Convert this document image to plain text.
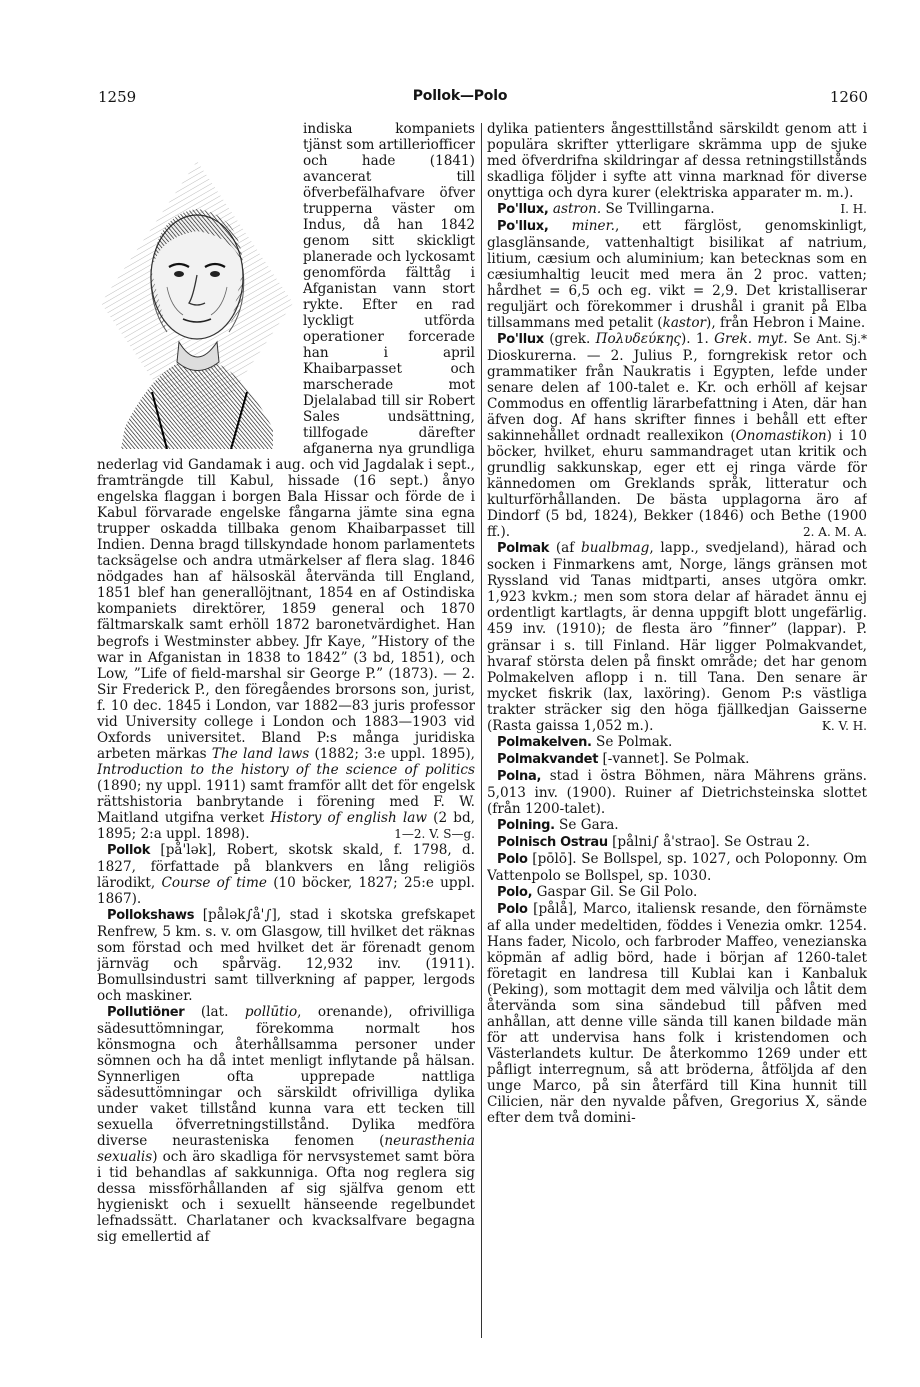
1259	Pollok—Polo	1260

indiska kompaniets tjänst som artilleriofficer och hade (1841) avancerat till öfverbefälhafvare öfver trupperna väster om Indus, då han 1842 genom sitt skickligt planerade och lyckosamt genomförda fälttåg i Afganistan vann stort rykte. Efter en rad lyckligt utförda operationer forcerade han i april Khaibarpasset och marscherade mot Djelalabad till sir Robert Sales undsättning, tillfogade därefter afganerna nya grundliga nederlag vid Gandamak i aug. och vid Jagdalak i sept., framträngde till Kabul, hissade (16 sept.) ånyo engelska flaggan i borgen Bala Hissar och förde de i Kabul förvarade engelske fångarna jämte sina egna trupper oskadda tillbaka genom Khaibarpasset till Indien. Denna bragd tillskyndade honom parlamentets tacksägelse och andra utmärkelser af flera slag. 1846 nödgades han af hälsoskäl återvända till England, 1851 blef han generallöjtnant, 1854 en af Ostindiska kompaniets direktörer, 1859 general och 1870 fältmarskalk samt erhöll 1872 baronetvärdighet. Han begrofs i Westminster abbey. Jfr Kaye, ”History of the war in Afganistan in 1838 to 1842” (3 bd, 1851), och Low, ”Life of field-marshal sir George P.” (1873). — 2. Sir Frederick P., den föregåendes brorsons son, jurist, f. 10 dec. 1845 i London, var 1882—83 juris professor vid University college i London och 1883—1903 vid Oxfords universitet. Bland P:s många juridiska arbeten märkas The land laws (1882; 3:e uppl. 1895), Introduction to the history of the science of politics (1890; ny uppl. 1911) samt framför allt det för engelsk rättshistoria banbrytande i förening med F. W. Maitland utgifna verket History of english law (2 bd, 1895; 2:a uppl. 1898).	1—2. V. S—g.

Pollok [på'lək], Robert, skotsk skald, f. 1798, d. 1827, författade på blankvers en lång religiös lärodikt, Course of time (10 böcker, 1827; 25:e uppl. 1867).

Pollokshaws [pålək∫å'∫], stad i skotska grefskapet Renfrew, 5 km. s. v. om Glasgow, till hvilket det räknas som förstad och med hvilket det är förenadt genom järnväg och spårväg. 12,932 inv. (1911). Bomullsindustri samt tillverkning af papper, lergods och maskiner.

Pollutiöner (lat. pollūtio, orenande), ofrivilliga sädesuttömningar, förekomma normalt hos könsmogna och återhållsamma personer under sömnen och ha då intet menligt inflytande på hälsan. Synnerligen ofta upprepade nattliga sädesuttömningar och särskildt ofrivilliga dylika under vaket tillstånd kunna vara ett tecken till sexuella öfverretningstillstånd. Dylika medföra diverse neurasteniska fenomen (neurasthenia sexualis) och äro skadliga för nervsystemet samt böra i tid behandlas af sakkunniga. Ofta nog reglera sig dessa missförhållanden af sig själfva genom ett hygieniskt och i sexuellt hänseende regelbundet lefnadssätt. Charlataner och kvacksalfvare begagna sig emellertid af

dylika patienters ångesttillstånd särskildt genom att i populära skrifter ytterligare skrämma upp de sjuke med öfverdrifna skildringar af dessa retningstillstånds skadliga följder i syfte att vinna marknad för diverse onyttiga och dyra kurer (elektriska apparater m. m.).
I. H.

Po'llux, astron. Se Tvillingarna.

Po'llux, miner., ett färglöst, genomskinligt, glasglänsande, vattenhaltigt bisilikat af natrium, litium, cæsium och aluminium; kan betecknas som en cæsiumhaltig leucit med mera än 2 proc. vatten; hårdhet = 6,5 och eg. vikt = 2,9. Det kristalliserar reguljärt och förekommer i drushål i granit på Elba tillsammans med petalit (kastor), från Hebron i Maine.
Ant. Sj.*

Po'llux (grek. Πολυδεύκης). 1. Grek. myt. Se Dioskurerna. — 2. Julius P., forngrekisk retor och grammatiker från Naukratis i Egypten, lefde under senare delen af 100-talet e. Kr. och erhöll af kejsar Commodus en offentlig lärarbefattning i Aten, där han äfven dog. Af hans skrifter finnes i behåll ett efter sakinnehållet ordnadt reallexikon (Onomastikon) i 10 böcker, hvilket, ehuru sammandraget utan kritik och grundlig sakkunskap, eger ett ej ringa värde för kännedomen om Greklands språk, litteratur och kulturförhållanden. De bästa upplagorna äro af Dindorf (5 bd, 1824), Bekker (1846) och Bethe (1900 ff.).	2. A. M. A.

Polmak (af bualbmag, lapp., svedjeland), härad och socken i Finmarkens amt, Norge, längs gränsen mot Ryssland vid Tanas midtparti, anses utgöra omkr. 1,923 kvkm.; men som stora delar af häradet ännu ej ordentligt kartlagts, är denna uppgift blott ungefärlig. 459 inv. (1910); de flesta äro ”finner” (lappar). P. gränsar i s. till Finland. Här ligger Polmakvandet, hvaraf största delen på finskt område; det har genom Polmakelven aflopp i n. till Tana. Den senare är mycket fiskrik (lax, laxöring). Genom P:s västliga trakter sträcker sig den höga fjällkedjan Gaisserne (Rasta gaissa 1,052 m.).	K. V. H.

Polmakelven. Se Polmak.

Polmakvandet [-vannet]. Se Polmak.

Polna, stad i östra Böhmen, nära Mährens gräns. 5,013 inv. (1900). Ruiner af Dietrichsteinska slottet (från 1200-talet).

Polning. Se Gara.

Polnisch Ostrau [pålni∫ å'strao]. Se Ostrau 2.

Polo [pōlō]. Se Bollspel, sp. 1027, och Poloponny. Om Vattenpolo se Bollspel, sp. 1030.

Polo, Gaspar Gil. Se Gil Polo.

Polo [pålå], Marco, italiensk resande, den förnämste af alla under medeltiden, föddes i Venezia omkr. 1254. Hans fader, Nicolo, och farbroder Maffeo, venezianska köpmän af adlig börd, hade i början af 1260-talet företagit en landresa till Kublai kan i Kanbaluk (Peking), som mottagit dem med välvilja och låtit dem återvända som sina sändebud till påfven med anhållan, att denne ville sända till kanen bildade män för att undervisa hans folk i kristendomen och Västerlandets kultur. De återkommo 1269 under ett påfligt interregnum, så att bröderna, åtföljda af den unge Marco, på sin återfärd till Kina hunnit till Cilicien, när den nyvalde påfven, Gregorius X, sände efter dem två domini-
